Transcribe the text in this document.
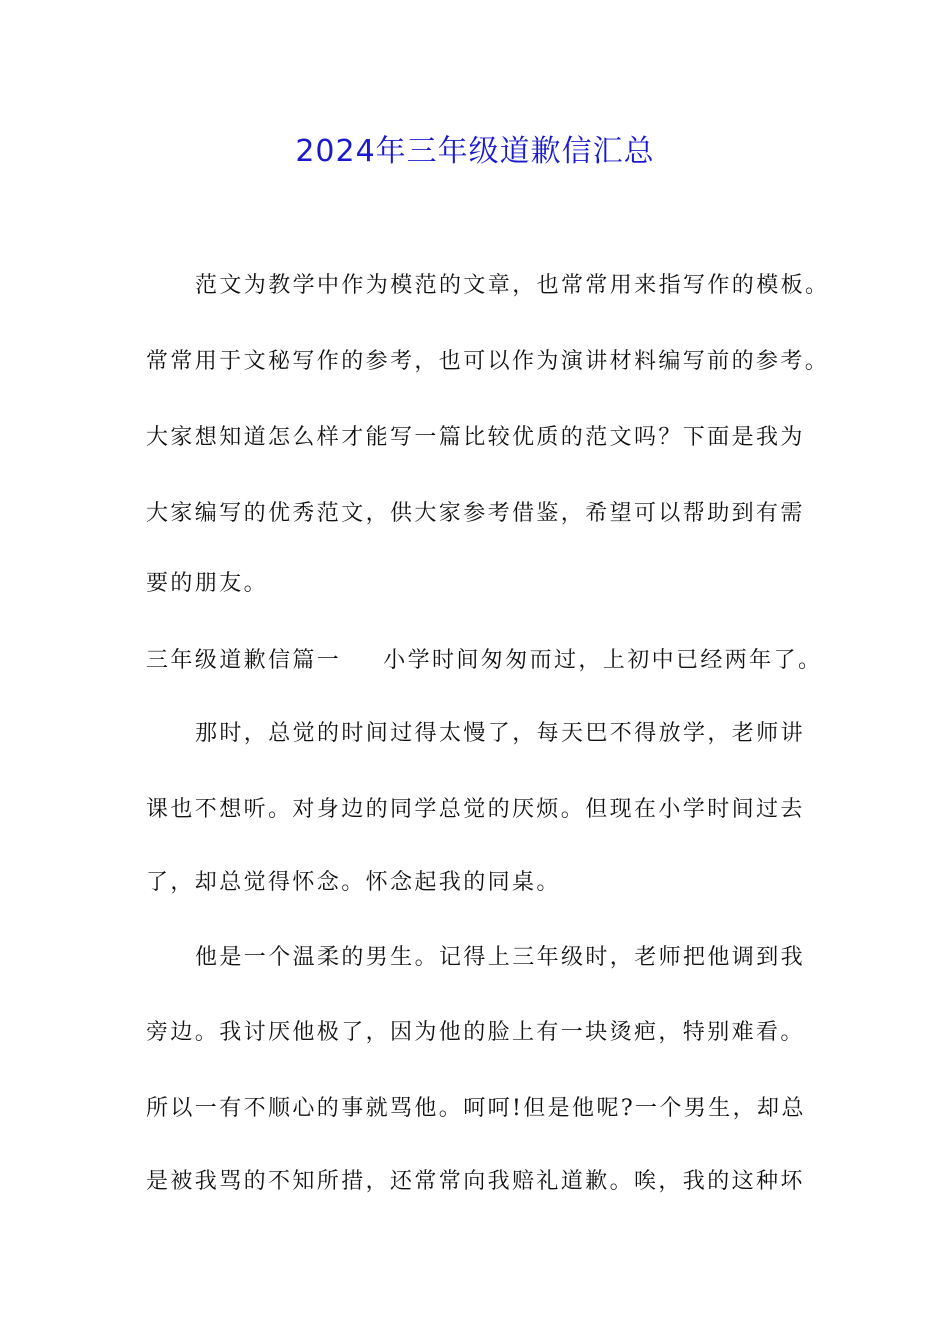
2024年三年级道歉信汇总
范文为教学中作为模范的文章，也常常用来指写作的模板。
常常用于文秘写作的参考，也可以作为演讲材料编写前的参考。
大家想知道怎么样才能写一篇比较优质的范文吗？下面是我为
大家编写的优秀范文，供大家参考借鉴，希望可以帮助到有需
要的朋友。
三年级道歉信篇一 小学时间匆匆而过，上初中已经两年了。
那时，总觉的时间过得太慢了，每天巴不得放学，老师讲
课也不想听。对身边的同学总觉的厌烦。但现在小学时间过去
了，却总觉得怀念。怀念起我的同桌。
他是一个温柔的男生。记得上三年级时，老师把他调到我
旁边。我讨厌他极了，因为他的脸上有一块烫疤，特别难看。
所以一有不顺心的事就骂他。呵呵!但是他呢?一个男生，却总
是被我骂的不知所措，还常常向我赔礼道歉。唉，我的这种坏
